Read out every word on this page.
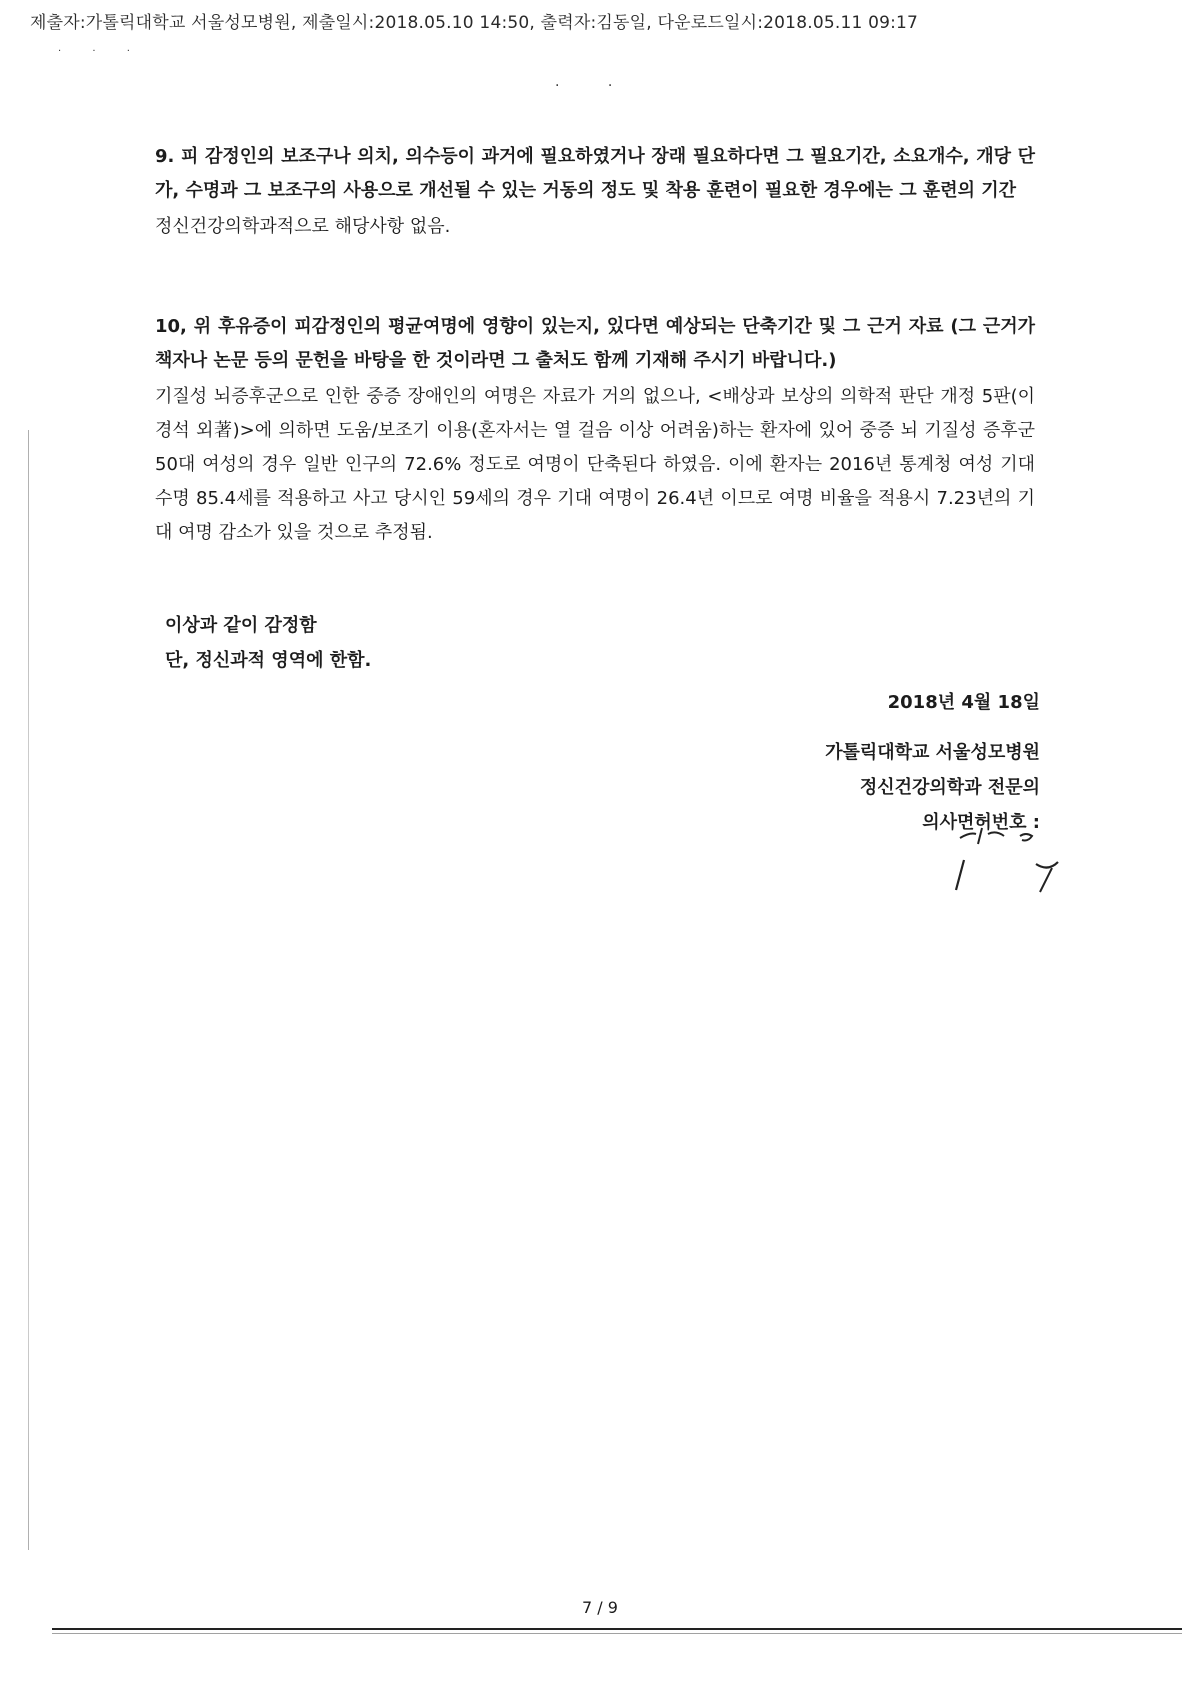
제출자:가톨릭대학교 서울성모병원, 제출일시:2018.05.10 14:50, 출력자:김동일, 다운로드일시:2018.05.11 09:17
· · ·
· ·
9. 피 감정인의 보조구나 의치, 의수등이 과거에 필요하였거나 장래 필요하다면 그 필요기간, 소요개수, 개당 단가, 수명과 그 보조구의 사용으로 개선될 수 있는 거동의 정도 및 착용 훈련이 필요한 경우에는 그 훈련의 기간
정신건강의학과적으로 해당사항 없음.
10, 위 후유증이 피감정인의 평균여명에 영향이 있는지, 있다면 예상되는 단축기간 및 그 근거 자료 (그 근거가 책자나 논문 등의 문헌을 바탕을 한 것이라면 그 출처도 함께 기재해 주시기 바랍니다.)
기질성 뇌증후군으로 인한 중증 장애인의 여명은 자료가 거의 없으나, <배상과 보상의 의학적 판단 개정 5판(이경석 외著)>에 의하면 도움/보조기 이용(혼자서는 열 걸음 이상 어려움)하는 환자에 있어 중증 뇌 기질성 증후군 50대 여성의 경우 일반 인구의 72.6% 정도로 여명이 단축된다 하였음. 이에 환자는 2016년 통계청 여성 기대 수명 85.4세를 적용하고 사고 당시인 59세의 경우 기대 여명이 26.4년 이므로 여명 비율을 적용시 7.23년의 기대 여명 감소가 있을 것으로 추정됨.
이상과 같이 감정함
단, 정신과적 영역에 한함.
2018년 4월 18일
가톨릭대학교 서울성모병원
정신건강의학과 전문의
의사면허번호 :
7 / 9
